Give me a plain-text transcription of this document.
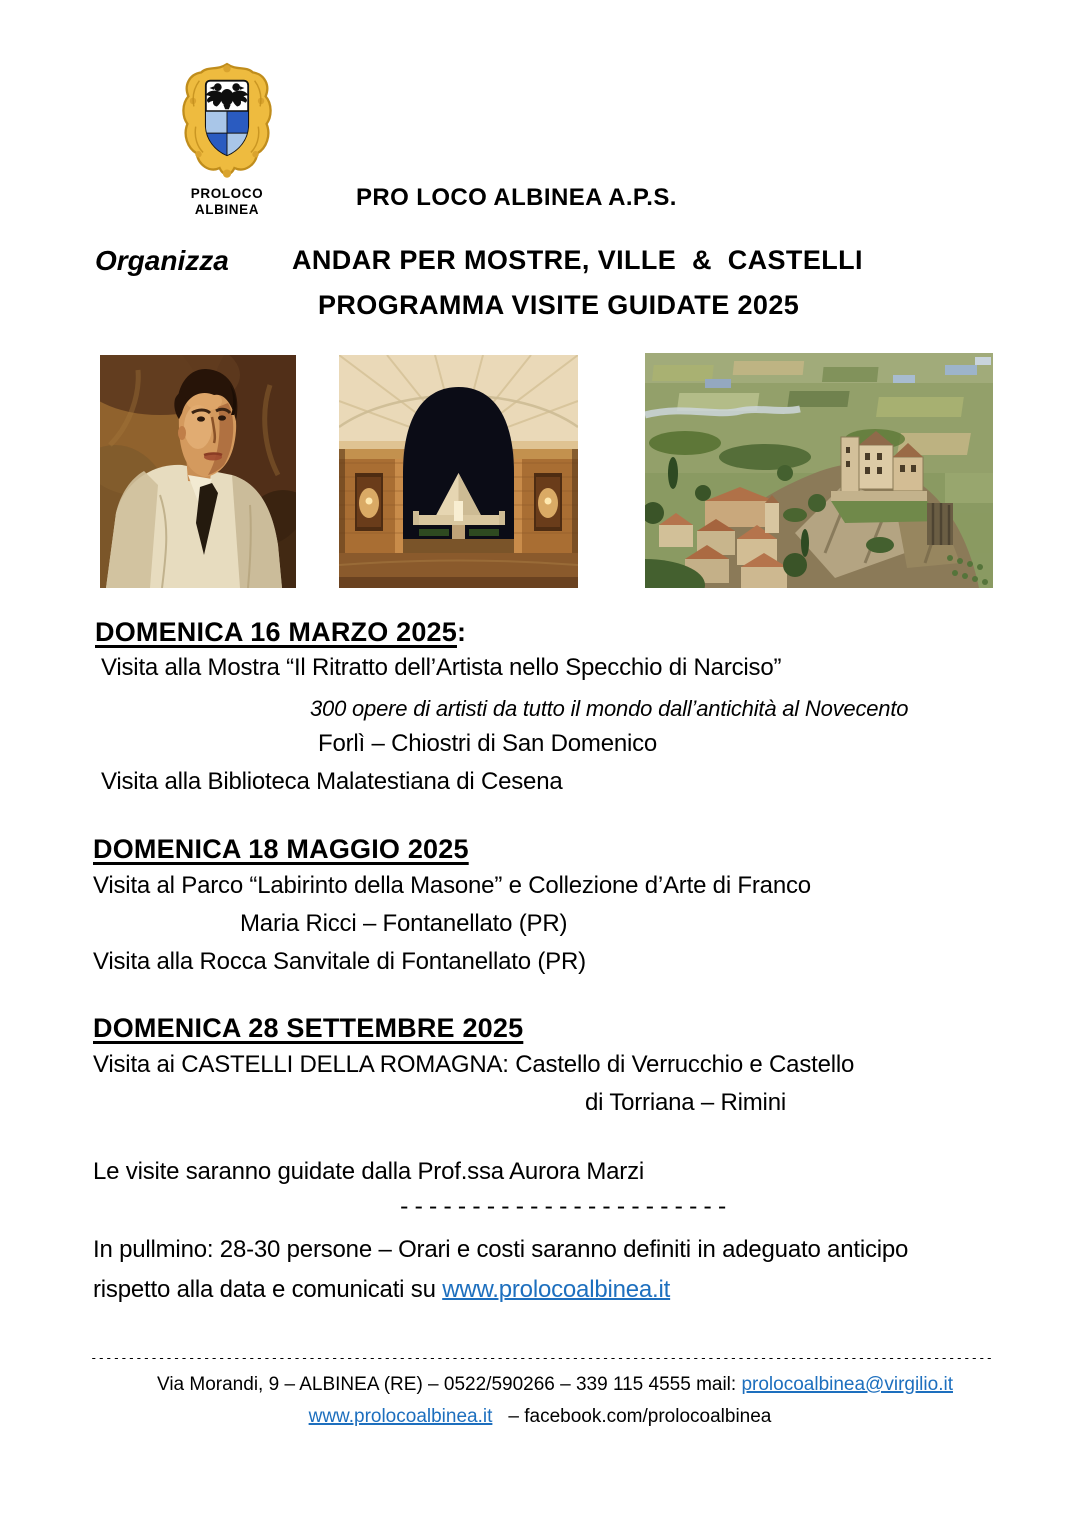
PROLOCO
ALBINEA	PRO LOCO ALBINEA A.P.S.
Organizza ANDAR PER MOSTRE, VILLE  &  CASTELLI
PROGRAMMA VISITE GUIDATE 2025
DOMENICA 16 MARZO 2025:
Visita alla Mostra “Il Ritratto dell’Artista nello Specchio di Narciso”
300 opere di artisti da tutto il mondo dall’antichità al Novecento
Forlì – Chiostri di San Domenico
Visita alla Biblioteca Malatestiana di Cesena
DOMENICA 18 MAGGIO 2025
Visita al Parco “Labirinto della Masone” e Collezione d’Arte di Franco
Maria Ricci – Fontanellato (PR)
Visita alla Rocca Sanvitale di Fontanellato (PR)
DOMENICA 28 SETTEMBRE 2025
Visita ai CASTELLI DELLA ROMAGNA: Castello di Verrucchio e Castello
di Torriana – Rimini
Le visite saranno guidate dalla Prof.ssa Aurora Marzi
-----------------------
In pullmino: 28-30 persone – Orari e costi saranno definiti in adeguato anticipo
rispetto alla data e comunicati su www.prolocoalbinea.it
------------------------------------------------------------------------------------------------------------------------
Via Morandi, 9 – ALBINEA (RE) – 0522/590266 – 339 115 4555 mail: prolocoalbinea@virgilio.it
www.prolocoalbinea.it – facebook.com/prolocoalbinea
